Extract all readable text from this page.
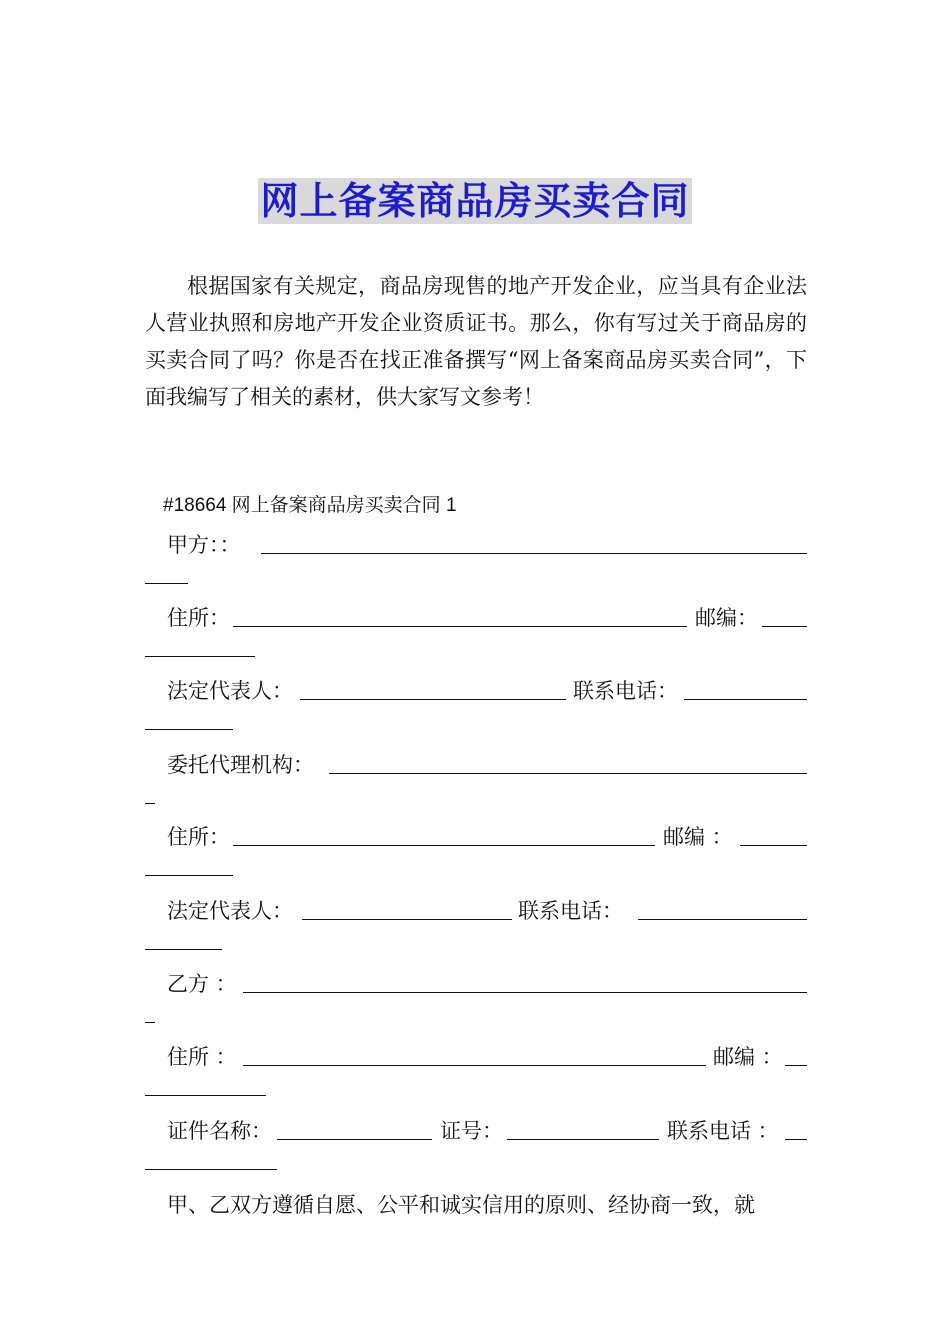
网上备案商品房买卖合同

根据国家有关规定，商品房现售的地产开发企业，应当具有企业法人营业执照和房地产开发企业资质证书。那么，你有写过关于商品房的买卖合同了吗？你是否在找正准备撰写“网上备案商品房买卖合同”，下面我编写了相关的素材，供大家写文参考！

#18664 网上备案商品房买卖合同 1
甲方：：
住所：	邮编：
法定代表人：	联系电话：
委托代理机构：
住所：	邮编 ：
法定代表人：	联系电话：
乙方 ：
住所 ：	邮编 ：
证件名称：	证号：	联系电话 ：

甲、乙双方遵循自愿、公平和诚实信用的原则、经协商一致，就
